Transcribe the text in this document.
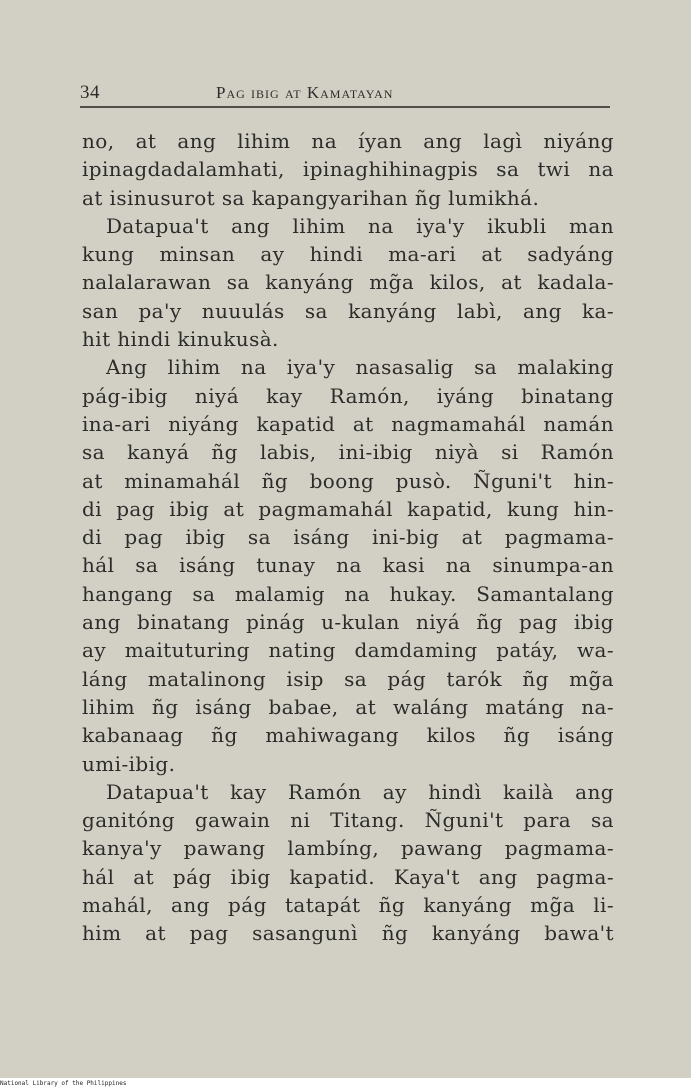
34	Pag ibig at Kamatayan
no, at ang lihim na íyan ang lagì niyáng
ipinagdadalamhati, ipinaghihinagpis sa twi na
at isinusurot sa kapangyarihan ñg lumikhá.
Datapua't ang lihim na iya'y ikubli man
kung minsan ay hindi ma-ari at sadyáng
nalalarawan sa kanyáng mg̃a kilos, at kadala-
san pa'y nuuulás sa kanyáng labì, ang ka-
hit hindi kinukusà.
Ang lihim na iya'y nasasalig sa malaking
pág-ibig niyá kay Ramón, iyáng binatang
ina-ari niyáng kapatid at nagmamahál namán
sa kanyá ñg labis, ini-ibig niyà si Ramón
at minamahál ñg boong pusò. Ñguni't hin-
di pag ibig at pagmamahál kapatid, kung hin-
di pag ibig sa isáng ini-big at pagmama-
hál sa isáng tunay na kasi na sinumpa-an
hangang sa malamig na hukay. Samantalang
ang binatang pinág u-kulan niyá ñg pag ibig
ay maituturing nating damdaming patáy, wa-
láng matalinong isip sa pág tarók ñg mg̃a
lihim ñg isáng babae, at waláng matáng na-
kabanaag ñg mahiwagang kilos ñg isáng
umi-ibig.
Datapua't kay Ramón ay hindì kailà ang
ganitóng gawain ni Titang. Ñguni't para sa
kanya'y pawang lambíng, pawang pagmama-
hál at pág ibig kapatid. Kaya't ang pagma-
mahál, ang pág tatapát ñg kanyáng mg̃a li-
him at pag sasangunì ñg kanyáng bawa't
National Library of the Philippines
